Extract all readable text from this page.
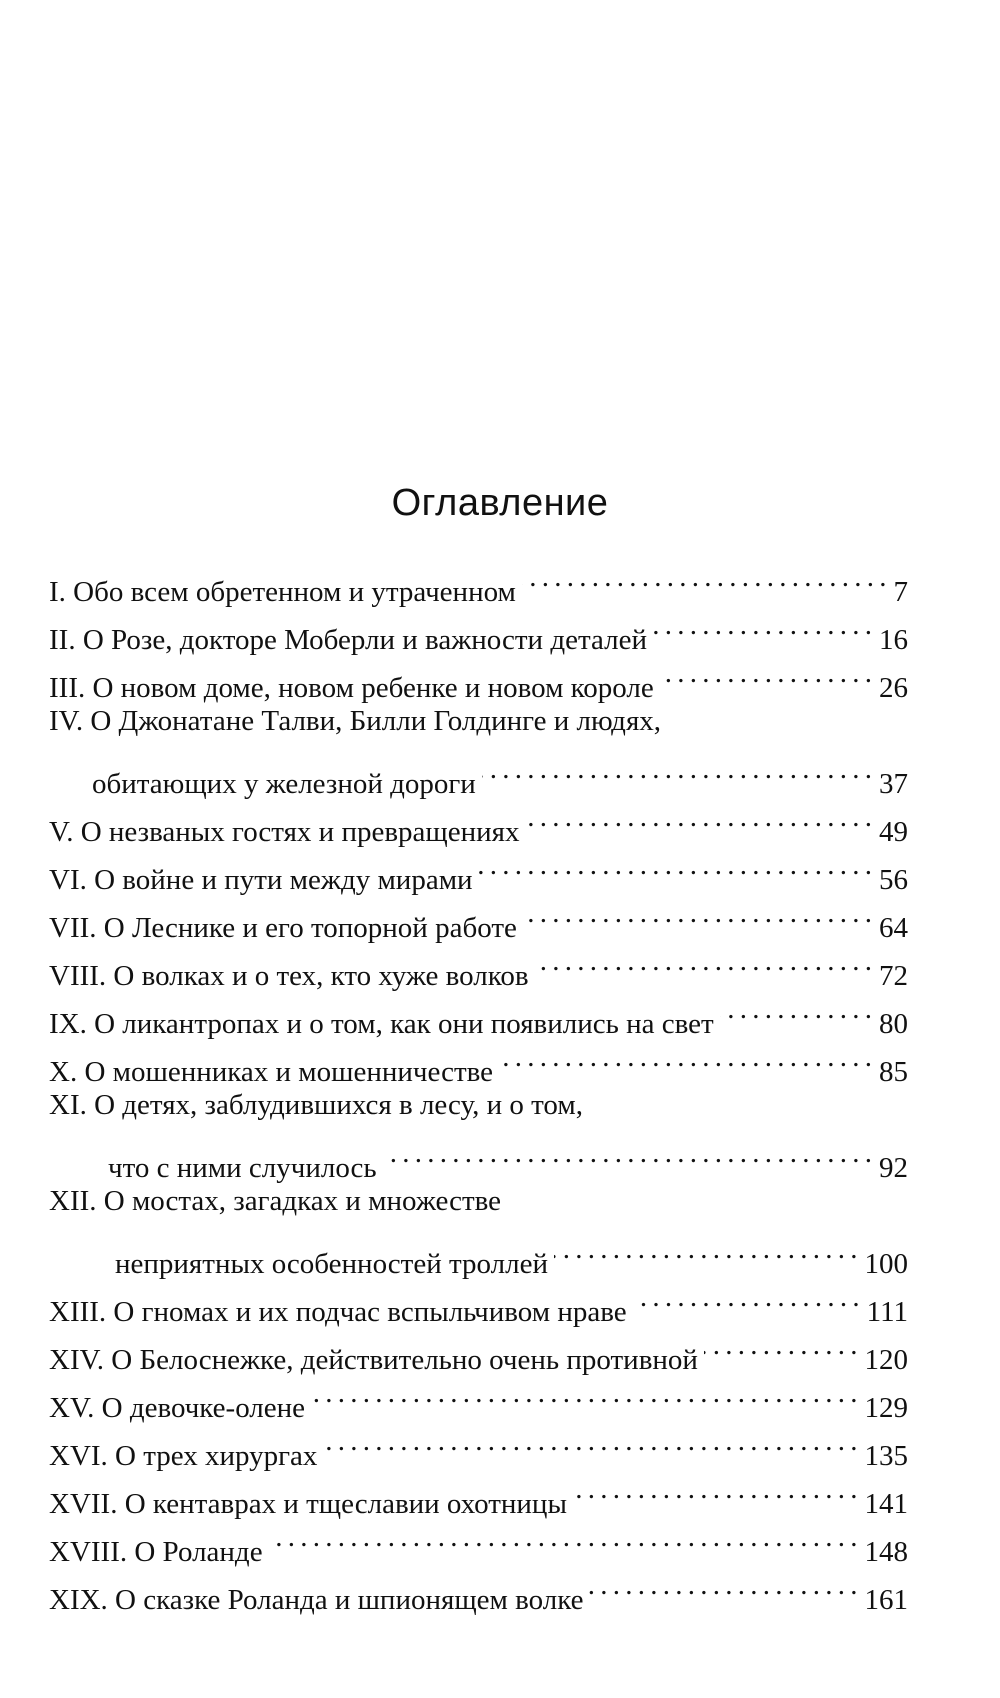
Оглавление
I. Обо всем обретенном и утраченном . . .	7
II. О Розе, докторе Моберли и важности деталей . . .	16
III. О новом доме, новом ребенке и новом короле . . .	26
IV. О Джонатане Талви, Билли Голдинге и людях,
обитающих у железной дороги . . .	37
V. О незваных гостях и превращениях . . .	49
VI. О войне и пути между мирами . . .	56
VII. О Леснике и его топорной работе . . .	64
VIII. О волках и о тех, кто хуже волков . . .	72
IX. О ликантропах и о том, как они появились на свет . . .	80
X. О мошенниках и мошенничестве . . .	85
XI. О детях, заблудившихся в лесу, и о том,
что с ними случилось . . .	92
XII. О мостах, загадках и множестве
неприятных особенностей троллей . . .	100
XIII. О гномах и их подчас вспыльчивом нраве . . .	111
XIV. О Белоснежке, действительно очень противной . . .	120
XV. О девочке-олене . . .	129
XVI. О трех хирургах . . .	135
XVII. О кентаврах и тщеславии охотницы . . .	141
XVIII. О Роланде . . .	148
XIX. О сказке Роланда и шпионящем волке . . .	161
